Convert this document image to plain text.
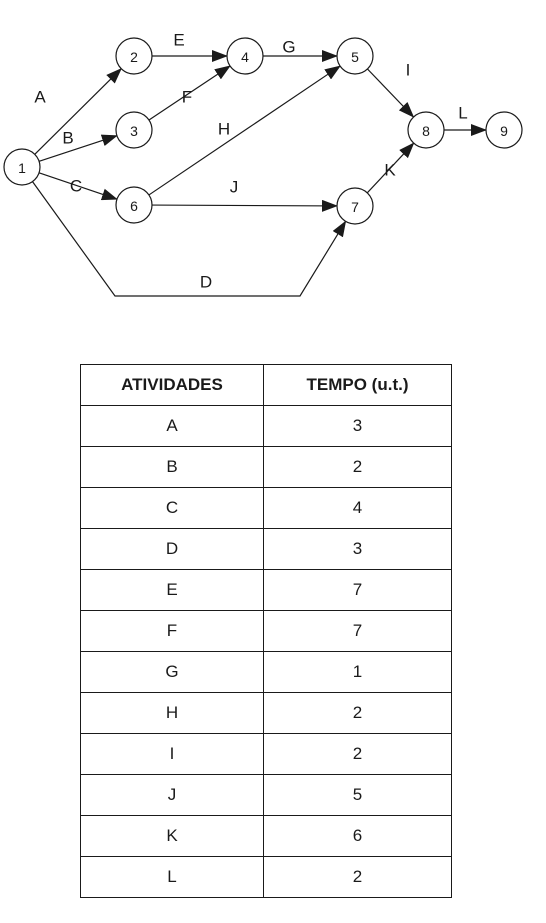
A
B
C
D
E
F
G
H
I
J
K
L
1
2
3
4	5
6	7
8	9
ATIVIDADES	TEMPO (u.t.)
A	3
B	2
C	4
D	3
E	7
F	7
G	1
H	2
I	2
J	5
K	6
L	2
